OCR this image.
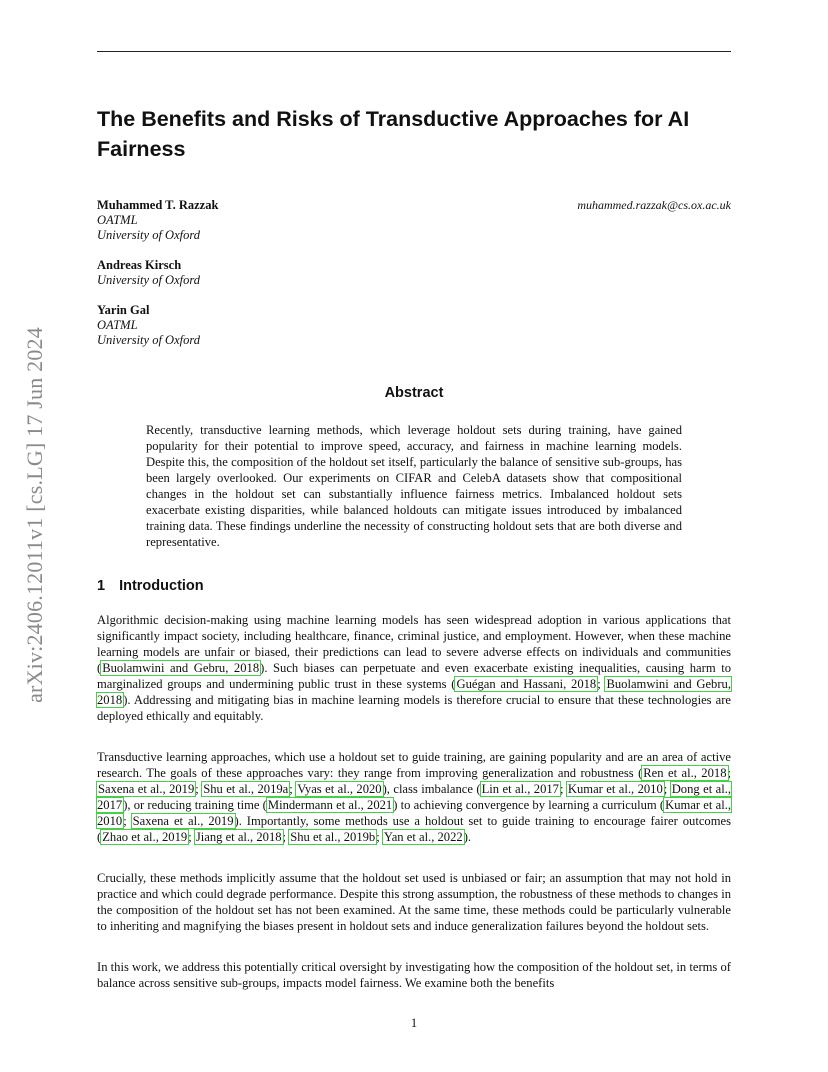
arXiv:2406.12011v1 [cs.LG] 17 Jun 2024
The Benefits and Risks of Transductive Approaches for AI Fairness
Muhammed T. Razzak
OATML
University of Oxford
muhammed.razzak@cs.ox.ac.uk
Andreas Kirsch
University of Oxford
Yarin Gal
OATML
University of Oxford
Abstract
Recently, transductive learning methods, which leverage holdout sets during training, have gained popularity for their potential to improve speed, accuracy, and fairness in machine learning models. Despite this, the composition of the holdout set itself, particularly the balance of sensitive sub-groups, has been largely overlooked. Our experiments on CIFAR and CelebA datasets show that compositional changes in the holdout set can substantially influence fairness metrics. Imbalanced holdout sets exacerbate existing disparities, while balanced holdouts can mitigate issues introduced by imbalanced training data. These findings underline the necessity of constructing holdout sets that are both diverse and representative.
1 Introduction

Algorithmic decision-making using machine learning models has seen widespread adoption in various applications that significantly impact society, including healthcare, finance, criminal justice, and employment. However, when these machine learning models are unfair or biased, their predictions can lead to severe adverse effects on individuals and communities (Buolamwini and Gebru, 2018). Such biases can perpetuate and even exacerbate existing inequalities, causing harm to marginalized groups and undermining public trust in these systems (Guégan and Hassani, 2018; Buolamwini and Gebru, 2018). Addressing and mitigating bias in machine learning models is therefore crucial to ensure that these technologies are deployed ethically and equitably.

Transductive learning approaches, which use a holdout set to guide training, are gaining popularity and are an area of active research. The goals of these approaches vary: they range from improving generalization and robustness (Ren et al., 2018; Saxena et al., 2019; Shu et al., 2019a; Vyas et al., 2020), class imbalance (Lin et al., 2017; Kumar et al., 2010; Dong et al., 2017), or reducing training time (Mindermann et al., 2021) to achieving convergence by learning a curriculum (Kumar et al., 2010; Saxena et al., 2019). Importantly, some methods use a holdout set to guide training to encourage fairer outcomes (Zhao et al., 2019; Jiang et al., 2018; Shu et al., 2019b; Yan et al., 2022).

Crucially, these methods implicitly assume that the holdout set used is unbiased or fair; an assumption that may not hold in practice and which could degrade performance. Despite this strong assumption, the robustness of these methods to changes in the composition of the holdout set has not been examined. At the same time, these methods could be particularly vulnerable to inheriting and magnifying the biases present in holdout sets and induce generalization failures beyond the holdout sets.

In this work, we address this potentially critical oversight by investigating how the composition of the holdout set, in terms of balance across sensitive sub-groups, impacts model fairness. We examine both the benefits

1
